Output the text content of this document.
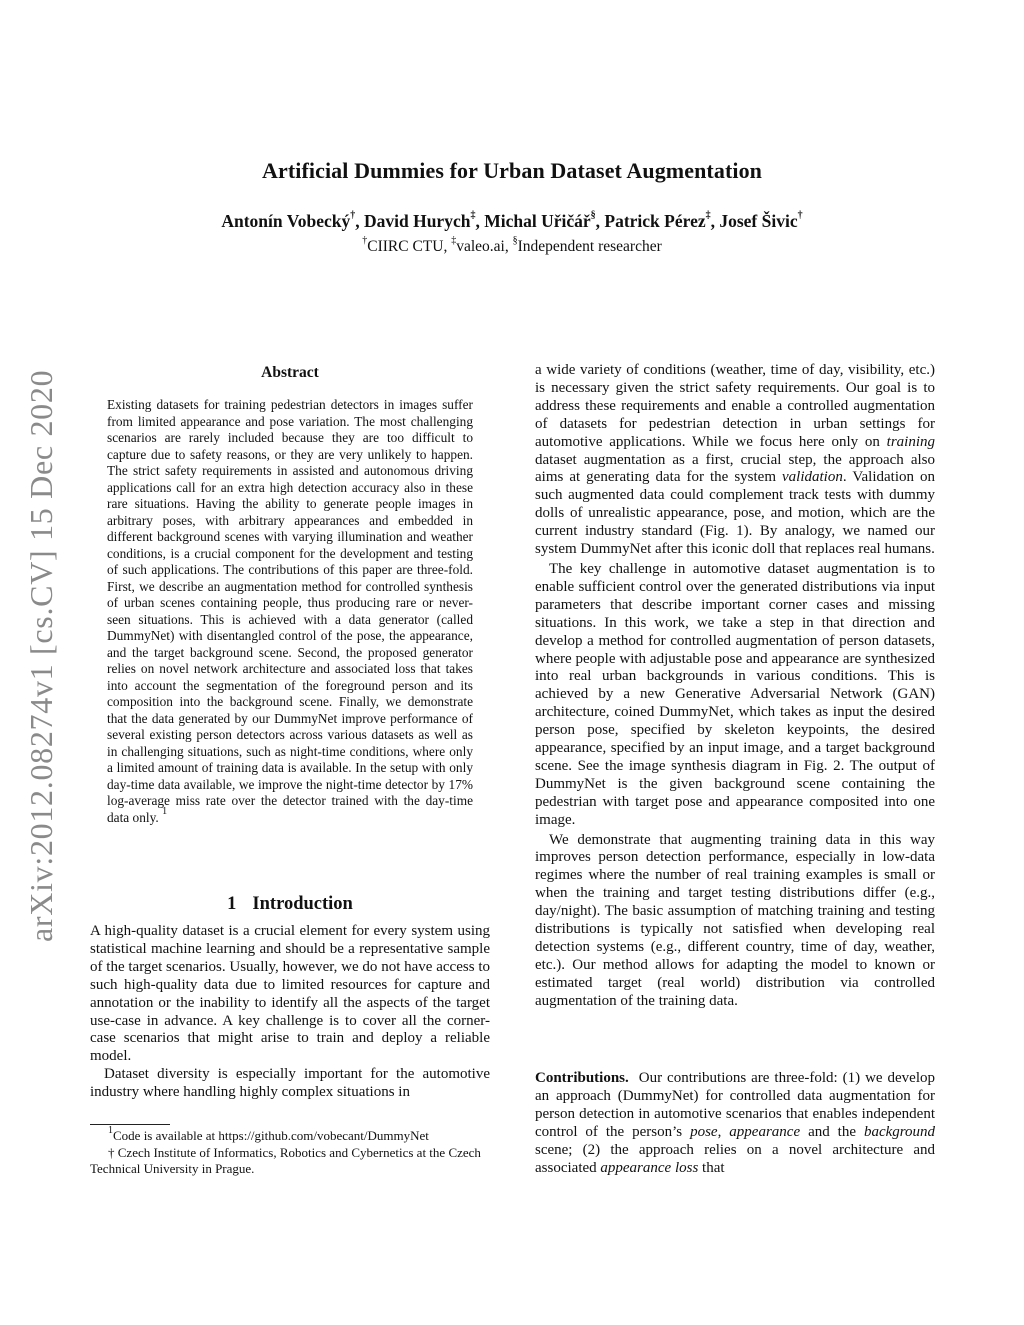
Artificial Dummies for Urban Dataset Augmentation
Antonín Vobecký†, David Hurych‡, Michal Uřičář§, Patrick Pérez‡, Josef Šivic†
†CIIRC CTU, ‡valeo.ai, §Independent researcher
arXiv:2012.08274v1 [cs.CV] 15 Dec 2020	Abstract
Existing datasets for training pedestrian detectors in images suffer from limited appearance and pose variation. The most challenging scenarios are rarely included because they are too difficult to capture due to safety reasons, or they are very unlikely to happen. The strict safety requirements in assisted and autonomous driving applications call for an extra high detection accuracy also in these rare situations. Having the ability to generate people images in arbitrary poses, with arbitrary appearances and embedded in different background scenes with varying illumination and weather conditions, is a crucial component for the development and testing of such applications. The contributions of this paper are three-fold. First, we describe an augmentation method for controlled synthesis of urban scenes containing people, thus producing rare or never-seen situations. This is achieved with a data generator (called DummyNet) with disentangled control of the pose, the appearance, and the target background scene. Second, the proposed generator relies on novel network architecture and associated loss that takes into account the segmentation of the foreground person and its composition into the background scene. Finally, we demonstrate that the data generated by our DummyNet improve performance of several existing person detectors across various datasets as well as in challenging situations, such as night-time conditions, where only a limited amount of training data is available. In the setup with only day-time data available, we improve the night-time detector by 17% log-average miss rate over the detector trained with the day-time data only. $^1$
1 Introduction

A high-quality dataset is a crucial element for every system using statistical machine learning and should be a representative sample of the target scenarios. Usually, however, we do not have access to such high-quality data due to limited resources for capture and annotation or the inability to identify all the aspects of the target use-case in advance. A key challenge is to cover all the corner-case scenarios that might arise to train and deploy a reliable model.

Dataset diversity is especially important for the automotive industry where handling highly complex situations in

a wide variety of conditions (weather, time of day, visibility, etc.) is necessary given the strict safety requirements. Our goal is to address these requirements and enable a controlled augmentation of datasets for pedestrian detection in urban settings for automotive applications. While we focus here only on training dataset augmentation as a first, crucial step, the approach also aims at generating data for the system validation. Validation on such augmented data could complement track tests with dummy dolls of unrealistic appearance, pose, and motion, which are the current industry standard (Fig. 1). By analogy, we named our system DummyNet after this iconic doll that replaces real humans.

The key challenge in automotive dataset augmentation is to enable sufficient control over the generated distributions via input parameters that describe important corner cases and missing situations. In this work, we take a step in that direction and develop a method for controlled augmentation of person datasets, where people with adjustable pose and appearance are synthesized into real urban backgrounds in various conditions. This is achieved by a new Generative Adversarial Network (GAN) architecture, coined DummyNet, which takes as input the desired person pose, specified by skeleton keypoints, the desired appearance, specified by an input image, and a target background scene. See the image synthesis diagram in Fig. 2. The output of DummyNet is the given background scene containing the pedestrian with target pose and appearance composited into one image.

We demonstrate that augmenting training data in this way improves person detection performance, especially in low-data regimes where the number of real training examples is small or when the training and target testing distributions differ (e.g., day/night). The basic assumption of matching training and testing distributions is typically not satisfied when developing real detection systems (e.g., different country, time of day, weather, etc.). Our method allows for adapting the model to known or estimated target (real world) distribution via controlled augmentation of the training data.

Contributions. Our contributions are three-fold: (1) we develop an approach (DummyNet) for controlled data augmentation for person detection in automotive scenarios that enables independent control of the person’s pose, appearance and the background scene; (2) the approach relies on a novel architecture and associated appearance loss that

$^1$Code is available at https://github.com/vobecant/DummyNet

† Czech Institute of Informatics, Robotics and Cybernetics at the Czech Technical University in Prague.
